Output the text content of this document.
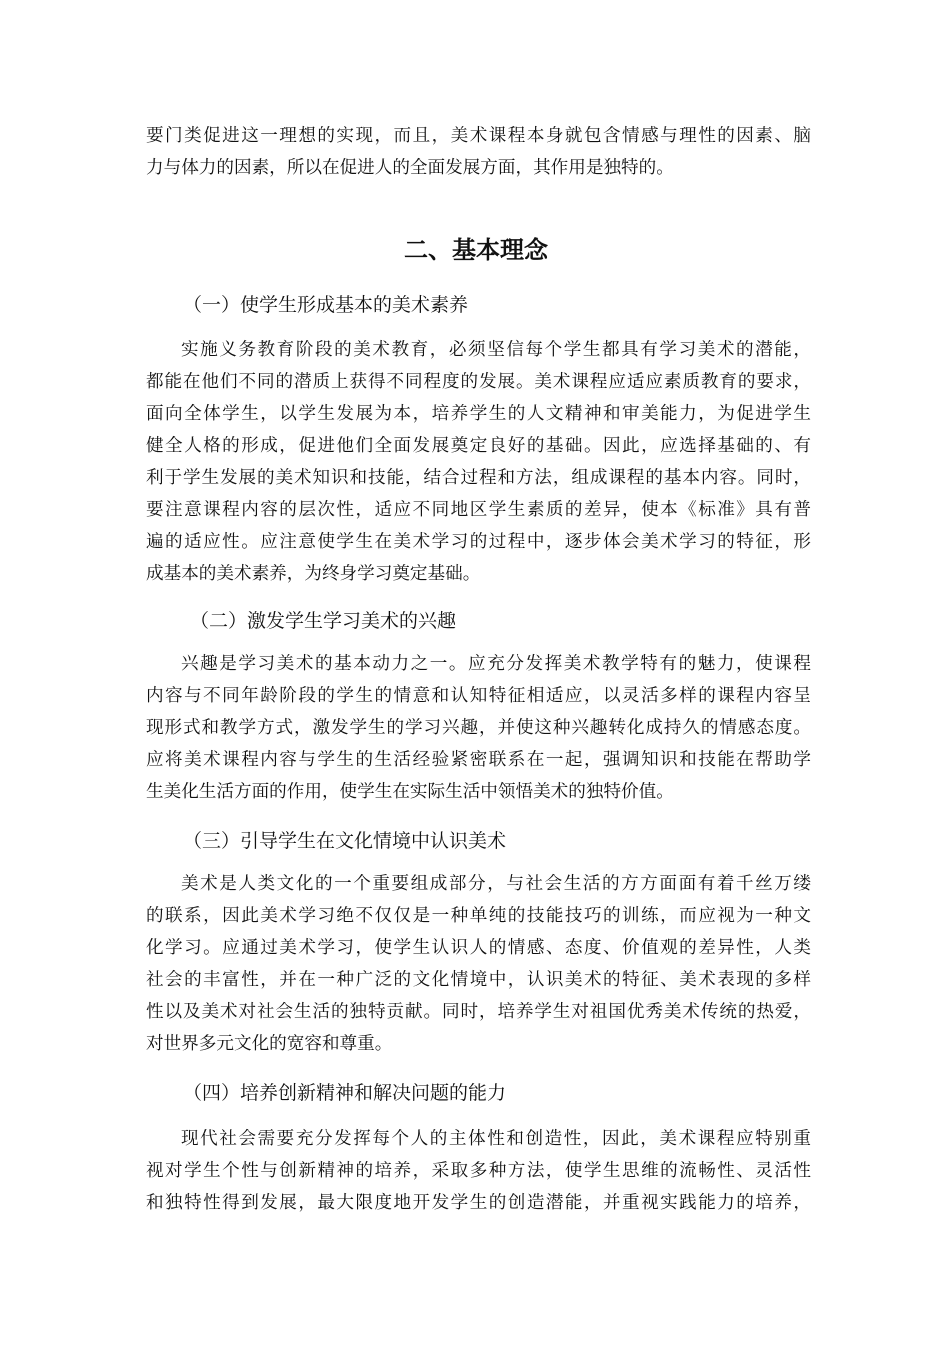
要门类促进这一理想的实现，而且，美术课程本身就包含情感与理性的因素、脑
力与体力的因素，所以在促进人的全面发展方面，其作用是独特的。
二、基本理念
（一）使学生形成基本的美术素养
实施义务教育阶段的美术教育，必须坚信每个学生都具有学习美术的潜能，
都能在他们不同的潜质上获得不同程度的发展。美术课程应适应素质教育的要求，
面向全体学生，以学生发展为本，培养学生的人文精神和审美能力，为促进学生
健全人格的形成，促进他们全面发展奠定良好的基础。因此，应选择基础的、有
利于学生发展的美术知识和技能，结合过程和方法，组成课程的基本内容。同时，
要注意课程内容的层次性，适应不同地区学生素质的差异，使本《标准》具有普
遍的适应性。应注意使学生在美术学习的过程中，逐步体会美术学习的特征，形
成基本的美术素养，为终身学习奠定基础。
（二）激发学生学习美术的兴趣
兴趣是学习美术的基本动力之一。应充分发挥美术教学特有的魅力，使课程
内容与不同年龄阶段的学生的情意和认知特征相适应，以灵活多样的课程内容呈
现形式和教学方式，激发学生的学习兴趣，并使这种兴趣转化成持久的情感态度。
应将美术课程内容与学生的生活经验紧密联系在一起，强调知识和技能在帮助学
生美化生活方面的作用，使学生在实际生活中领悟美术的独特价值。
（三）引导学生在文化情境中认识美术
美术是人类文化的一个重要组成部分，与社会生活的方方面面有着千丝万缕
的联系，因此美术学习绝不仅仅是一种单纯的技能技巧的训练，而应视为一种文
化学习。应通过美术学习，使学生认识人的情感、态度、价值观的差异性，人类
社会的丰富性，并在一种广泛的文化情境中，认识美术的特征、美术表现的多样
性以及美术对社会生活的独特贡献。同时，培养学生对祖国优秀美术传统的热爱，
对世界多元文化的宽容和尊重。
（四）培养创新精神和解决问题的能力
现代社会需要充分发挥每个人的主体性和创造性，因此，美术课程应特别重
视对学生个性与创新精神的培养，采取多种方法，使学生思维的流畅性、灵活性
和独特性得到发展，最大限度地开发学生的创造潜能，并重视实践能力的培养，
